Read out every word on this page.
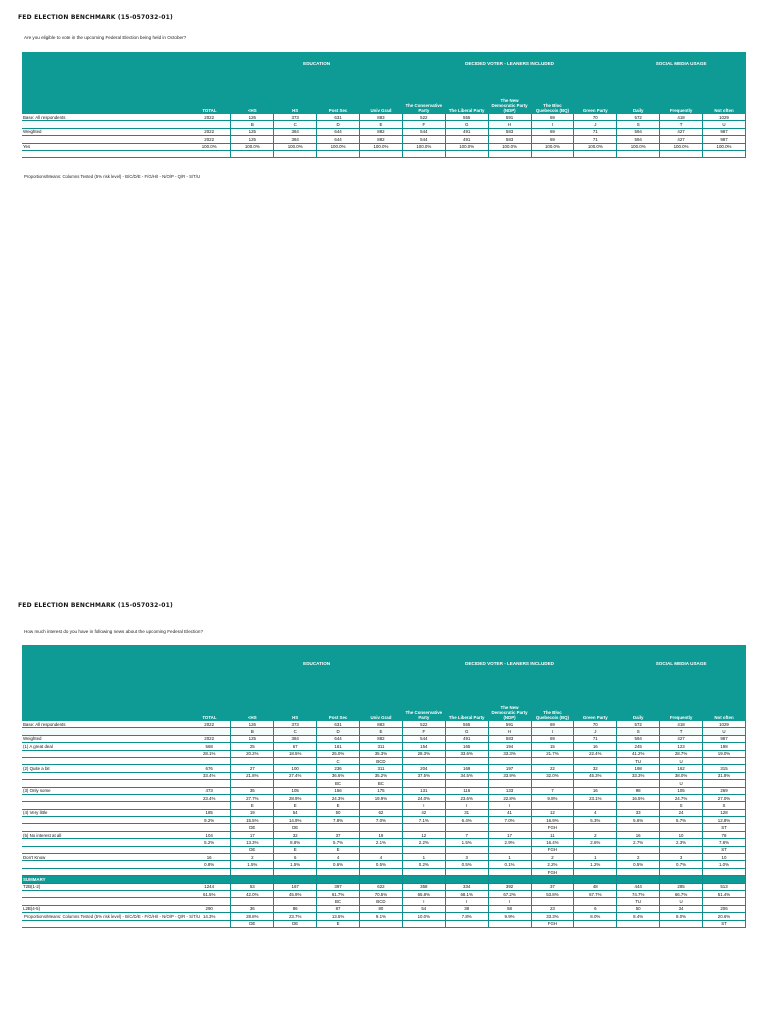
FED ELECTION BENCHMARK (15-057032-01)
Are you eligible to vote in the upcoming Federal Election being held in October?
		EDUCATION				DECIDED VOTER - LEANERS INCLUDED					SOCIAL MEDIA USAGE		
	TOTAL	<HS	HS	Post Sec	Univ Grad	The Conservative Party	The Liberal Party	The New Democratic Party (NDP)	The Bloc Quebecois (BQ)	Green Party	Daily	Frequently	Not often
Base: All respondents	2022	126	373	631	883	522	555	591	69	70	572	418	1029
		B	C	D	E	F	G	H	I	J	S	T	U
Weighted	2022	125	384	644	882	544	491	583	69	71	594	427	987
	2022	125	384	644	882	544	491	583	69	71	594	427	987
Yes	100.0%	100.0%	100.0%	100.0%	100.0%	100.0%	100.0%	100.0%	100.0%	100.0%	100.0%	100.0%	100.0%

Proportions/Means: Columns Tested (5% risk level) - B/C/D/E - F/G/H/I - N/O/P - Q/R - S/T/U
FED ELECTION BENCHMARK (15-057032-01)
How much interest do you have in following news about the upcoming Federal Election?
		EDUCATION				DECIDED VOTER - LEANERS INCLUDED					SOCIAL MEDIA USAGE		
	TOTAL	<HS	HS	Post Sec	Univ Grad	The Conservative Party	The Liberal Party	The New Democratic Party (NDP)	The Bloc Quebecois (BQ)	Green Party	Daily	Frequently	Not often
Base: All respondents	2022	126	373	631	883	522	555	591	69	70	572	418	1029
		B	C	D	E	F	G	H	I	J	S	T	U
Weighted	2022	125	384	644	882	544	491	583	69	71	594	427	987
(1) A great deal	568	25	67	161	311	154	165	194	15	16	245	123	198
	28.1%	20.2%	18.5%	25.0%	35.3%	28.3%	33.6%	33.3%	21.7%	22.4%	41.2%	28.7%	19.0%
				C	BCD						TU	U	
(2) Quite a bit	676	27	100	236	311	204	169	197	22	32	198	162	315
	33.4%	21.8%	27.4%	36.6%	35.2%	37.5%	34.5%	33.9%	32.0%	45.3%	33.3%	38.0%	31.8%
				BC	BC							U	
(3) Only some	473	35	105	156	175	131	116	133	7	16	98	105	269
	23.4%	27.7%	28.9%	24.3%	19.9%	24.0%	23.6%	22.8%	9.8%	23.1%	16.5%	24.7%	27.0%
		E	E	E		I	I	I				S	S
(4) Very little	185	19	54	50	62	42	31	41	12	4	33	24	128
	9.2%	15.5%	14.9%	7.8%	7.0%	7.1%	6.4%	7.0%	16.9%	5.3%	5.6%	5.7%	12.8%
		DE	DE						FGH				ST
(5) No interest at all	104	17	32	37	19	12	7	17	11	2	16	10	78
	5.2%	13.3%	8.8%	5.7%	2.1%	2.2%	1.5%	2.9%	16.4%	2.6%	2.7%	2.3%	7.8%
		DE	E	E					FGH				ST
Don't Know	16	2	6	4	4	1	3	1	2	1	2	3	10
	0.8%	1.5%	1.5%	0.6%	0.5%	0.2%	0.5%	0.1%	2.2%	1.2%	0.5%	0.7%	1.0%
									FGH				
SUMMARY													
T2B(1-2)	1244	53	167	397	622	358	334	392	37	48	444	285	513
	61.5%	42.0%	45.9%	61.7%	70.5%	65.8%	68.1%	67.2%	53.8%	67.7%	74.7%	66.7%	51.4%
				BC	BCD	I	I	I			TU	U	
L2B(4-5)	290	36	86	87	80	54	38	58	23	6	50	34	206
	14.3%	28.8%	23.7%	13.5%	9.1%	10.0%	7.8%	9.9%	33.3%	8.0%	8.4%	8.0%	20.6%
		DE	DE	E					FGH				ST
Proportions/Means: Columns Tested (5% risk level) - B/C/D/E - F/G/H/I - N/O/P - Q/R - S/T/U
